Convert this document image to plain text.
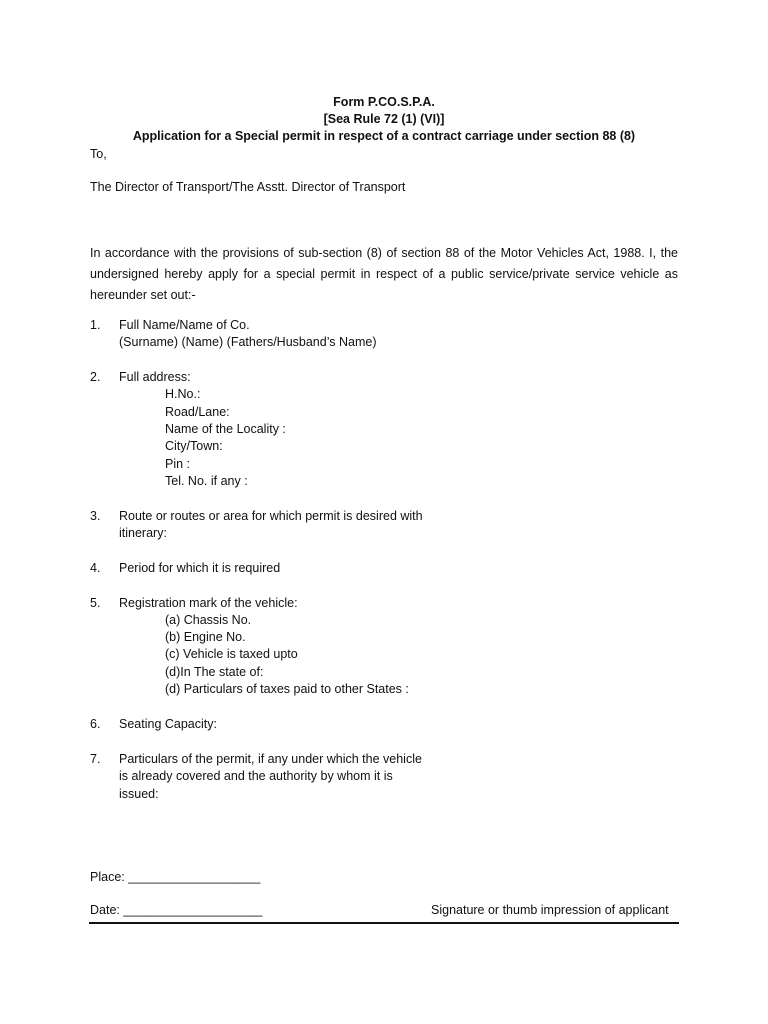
Form P.CO.S.P.A.
[Sea Rule 72 (1) (VI)]
Application for a Special permit in respect of a contract carriage under section 88 (8)
To,
The Director of Transport/The Asstt. Director of Transport
In accordance with the provisions of sub-section (8) of section 88 of the Motor Vehicles Act, 1988. I, the undersigned hereby apply for a special permit in respect of a public service/private service vehicle as hereunder set out:-
1. Full Name/Name of Co.
(Surname) (Name) (Fathers/Husband’s Name)
2. Full address:
H.No.:
Road/Lane:
Name of the Locality :
City/Town:
Pin :
Tel. No. if any :
3. Route or routes or area for which permit is desired with
itinerary:
4. Period for which it is required
5. Registration mark of the vehicle:
(a) Chassis No.
(b) Engine No.
(c) Vehicle is taxed upto
(d)In The state of:
(d) Particulars of taxes paid to other States :
6. Seating Capacity:
7. Particulars of the permit, if any under which the vehicle
is already covered and the authority by whom it is
issued:
Place: ___________________
Date: ____________________	Signature or thumb impression of applicant
